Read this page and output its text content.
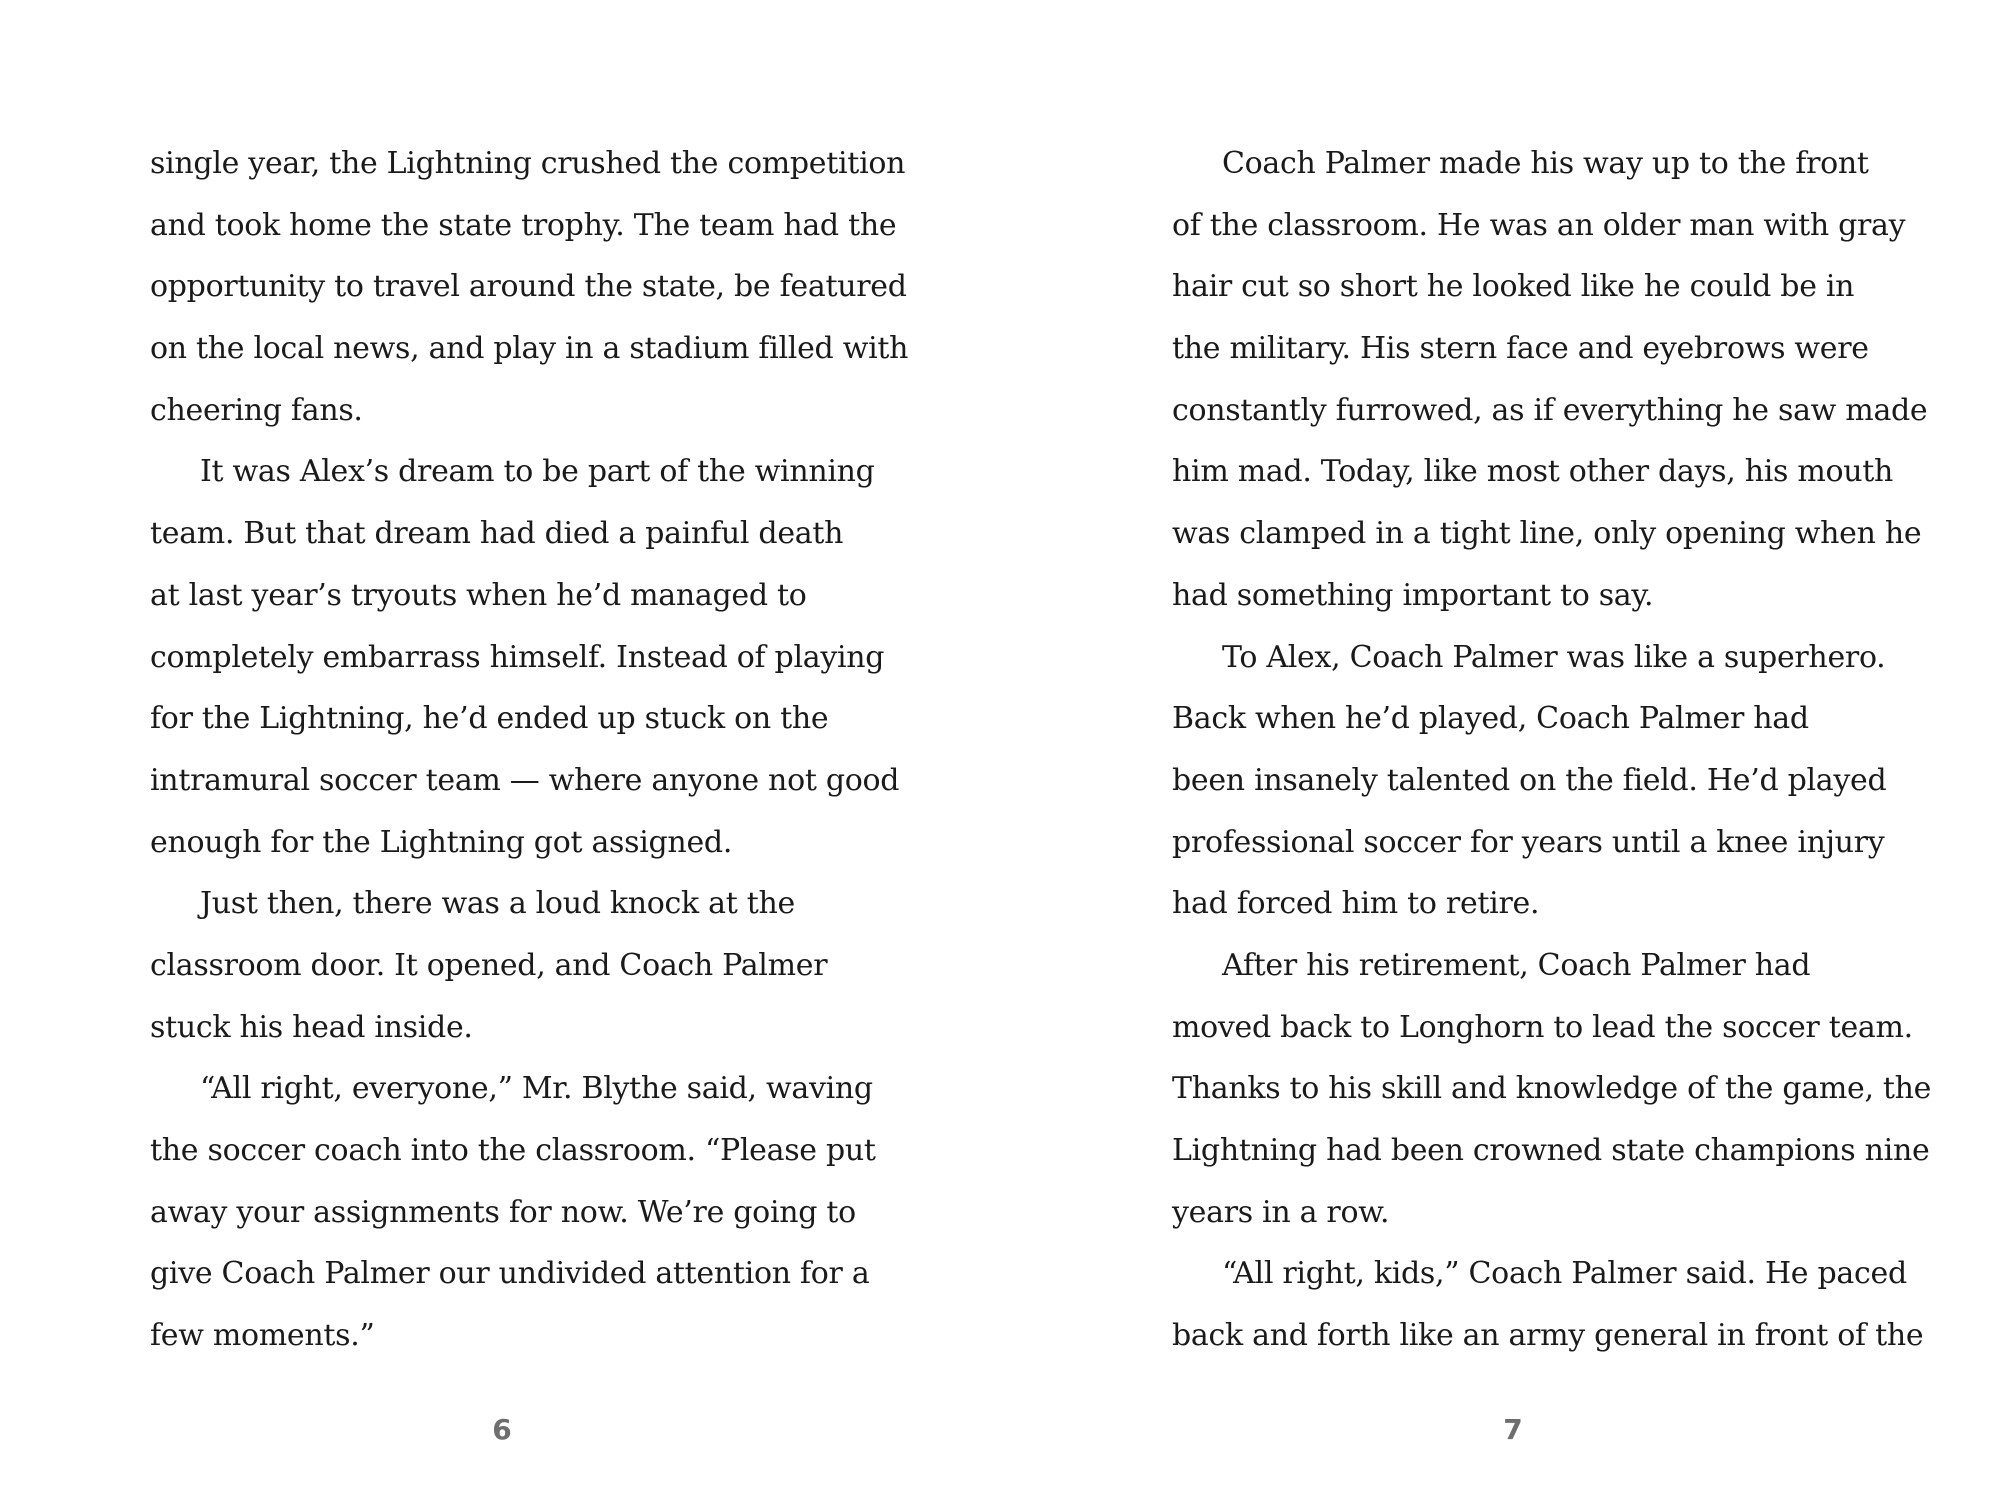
single year, the Lightning crushed the competition
and took home the state trophy. The team had the
opportunity to travel around the state, be featured
on the local news, and play in a stadium filled with
cheering fans.
It was Alex’s dream to be part of the winning
team. But that dream had died a painful death
at last year’s tryouts when he’d managed to
completely embarrass himself. Instead of playing
for the Lightning, he’d ended up stuck on the
intramural soccer team — where anyone not good
enough for the Lightning got assigned.
Just then, there was a loud knock at the
classroom door. It opened, and Coach Palmer
stuck his head inside.
“All right, everyone,” Mr. Blythe said, waving
the soccer coach into the classroom. “Please put
away your assignments for now. We’re going to
give Coach Palmer our undivided attention for a
few moments.”
6
Coach Palmer made his way up to the front
of the classroom. He was an older man with gray
hair cut so short he looked like he could be in
the military. His stern face and eyebrows were
constantly furrowed, as if everything he saw made
him mad. Today, like most other days, his mouth
was clamped in a tight line, only opening when he
had something important to say.
To Alex, Coach Palmer was like a superhero.
Back when he’d played, Coach Palmer had
been insanely talented on the field. He’d played
professional soccer for years until a knee injury
had forced him to retire.
After his retirement, Coach Palmer had
moved back to Longhorn to lead the soccer team.
Thanks to his skill and knowledge of the game, the
Lightning had been crowned state champions nine
years in a row.
“All right, kids,” Coach Palmer said. He paced
back and forth like an army general in front of the
7
